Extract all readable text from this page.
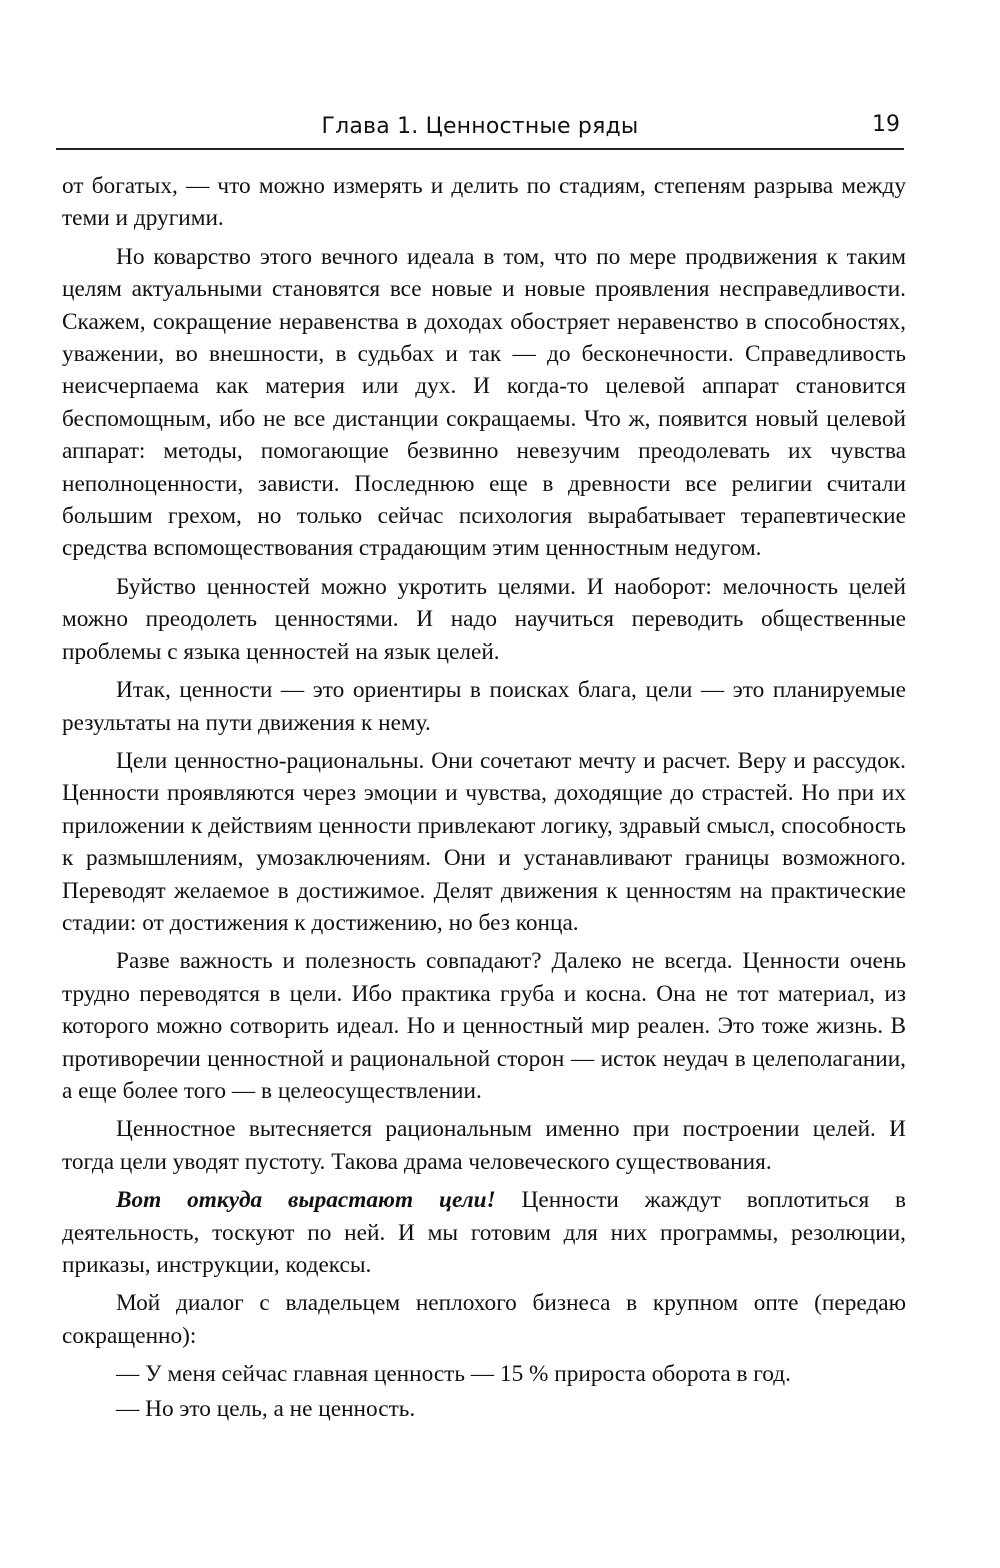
Глава 1. Ценностные ряды	19

от богатых, — что можно измерять и делить по стадиям, степеням разрыва между теми и другими.

Но коварство этого вечного идеала в том, что по мере продвижения к таким целям актуальными становятся все новые и новые проявления несправедливости. Скажем, сокращение неравенства в доходах обостряет неравенство в способностях, уважении, во внешности, в судьбах и так — до бесконечности. Справедливость неисчерпаема как материя или дух. И когда-то целевой аппарат становится беспомощным, ибо не все дистанции сокращаемы. Что ж, появится новый целевой аппарат: методы, помогающие безвинно невезучим преодолевать их чувства неполноценности, зависти. Последнюю еще в древности все религии считали большим грехом, но только сейчас психология вырабатывает терапевтические средства вспомоществования страдающим этим ценностным недугом.

Буйство ценностей можно укротить целями. И наоборот: мелочность целей можно преодолеть ценностями. И надо научиться переводить общественные проблемы с языка ценностей на язык целей.

Итак, ценности — это ориентиры в поисках блага, цели — это планируемые результаты на пути движения к нему.

Цели ценностно-рациональны. Они сочетают мечту и расчет. Веру и рассудок. Ценности проявляются через эмоции и чувства, доходящие до страстей. Но при их приложении к действиям ценности привлекают логику, здравый смысл, способность к размышлениям, умозаключениям. Они и устанавливают границы возможного. Переводят желаемое в достижимое. Делят движения к ценностям на практические стадии: от достижения к достижению, но без конца.

Разве важность и полезность совпадают? Далеко не всегда. Ценности очень трудно переводятся в цели. Ибо практика груба и косна. Она не тот материал, из которого можно сотворить идеал. Но и ценностный мир реален. Это тоже жизнь. В противоречии ценностной и рациональной сторон — исток неудач в целеполагании, а еще более того — в целеосуществлении.

Ценностное вытесняется рациональным именно при построении целей. И тогда цели уводят пустоту. Такова драма человеческого существования.

Вот откуда вырастают цели! Ценности жаждут воплотиться в деятельность, тоскуют по ней. И мы готовим для них программы, резолюции, приказы, инструкции, кодексы.

Мой диалог с владельцем неплохого бизнеса в крупном опте (передаю сокращенно):

— У меня сейчас главная ценность — 15 % прироста оборота в год.

— Но это цель, а не ценность.
